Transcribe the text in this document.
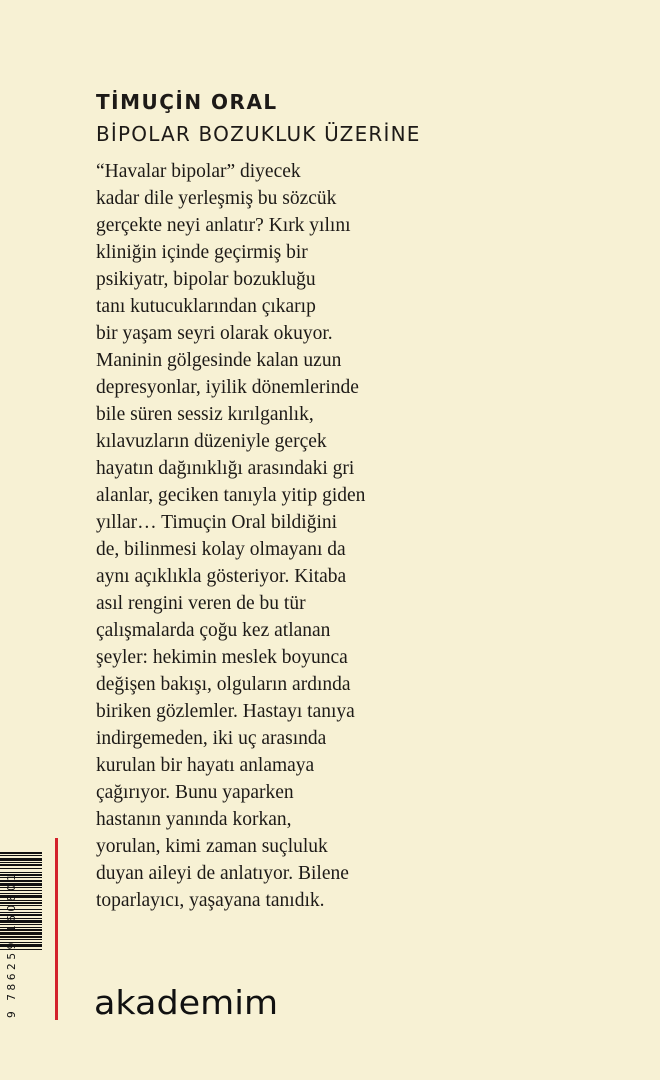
TİMUÇİN ORAL
BİPOLAR BOZUKLUK ÜZERİNE
“Havalar bipolar” diyecek
kadar dile yerleşmiş bu sözcük
gerçekte neyi anlatır? Kırk yılını
kliniğin içinde geçirmiş bir
psikiyatr, bipolar bozukluğu
tanı kutucuklarından çıkarıp
bir yaşam seyri olarak okuyor.
Maninin gölgesinde kalan uzun
depresyonlar, iyilik dönemlerinde
bile süren sessiz kırılganlık,
kılavuzların düzeniyle gerçek
hayatın dağınıklığı arasındaki gri
alanlar, geciken tanıyla yitip giden
yıllar… Timuçin Oral bildiğini
de, bilinmesi kolay olmayanı da
aynı açıklıkla gösteriyor. Kitaba
asıl rengini veren de bu tür
çalışmalarda çoğu kez atlanan
şeyler: hekimin meslek boyunca
değişen bakışı, olguların ardında
biriken gözlemler. Hastayı tanıya
indirgemeden, iki uç arasında
kurulan bir hayatı anlamaya
çağırıyor. Bunu yaparken
hastanın yanında korkan,
yorulan, kimi zaman suçluluk
duyan aileyi de anlatıyor. Bilene
toparlayıcı, yaşayana tanıdık.
9 786259 160801 akademim
